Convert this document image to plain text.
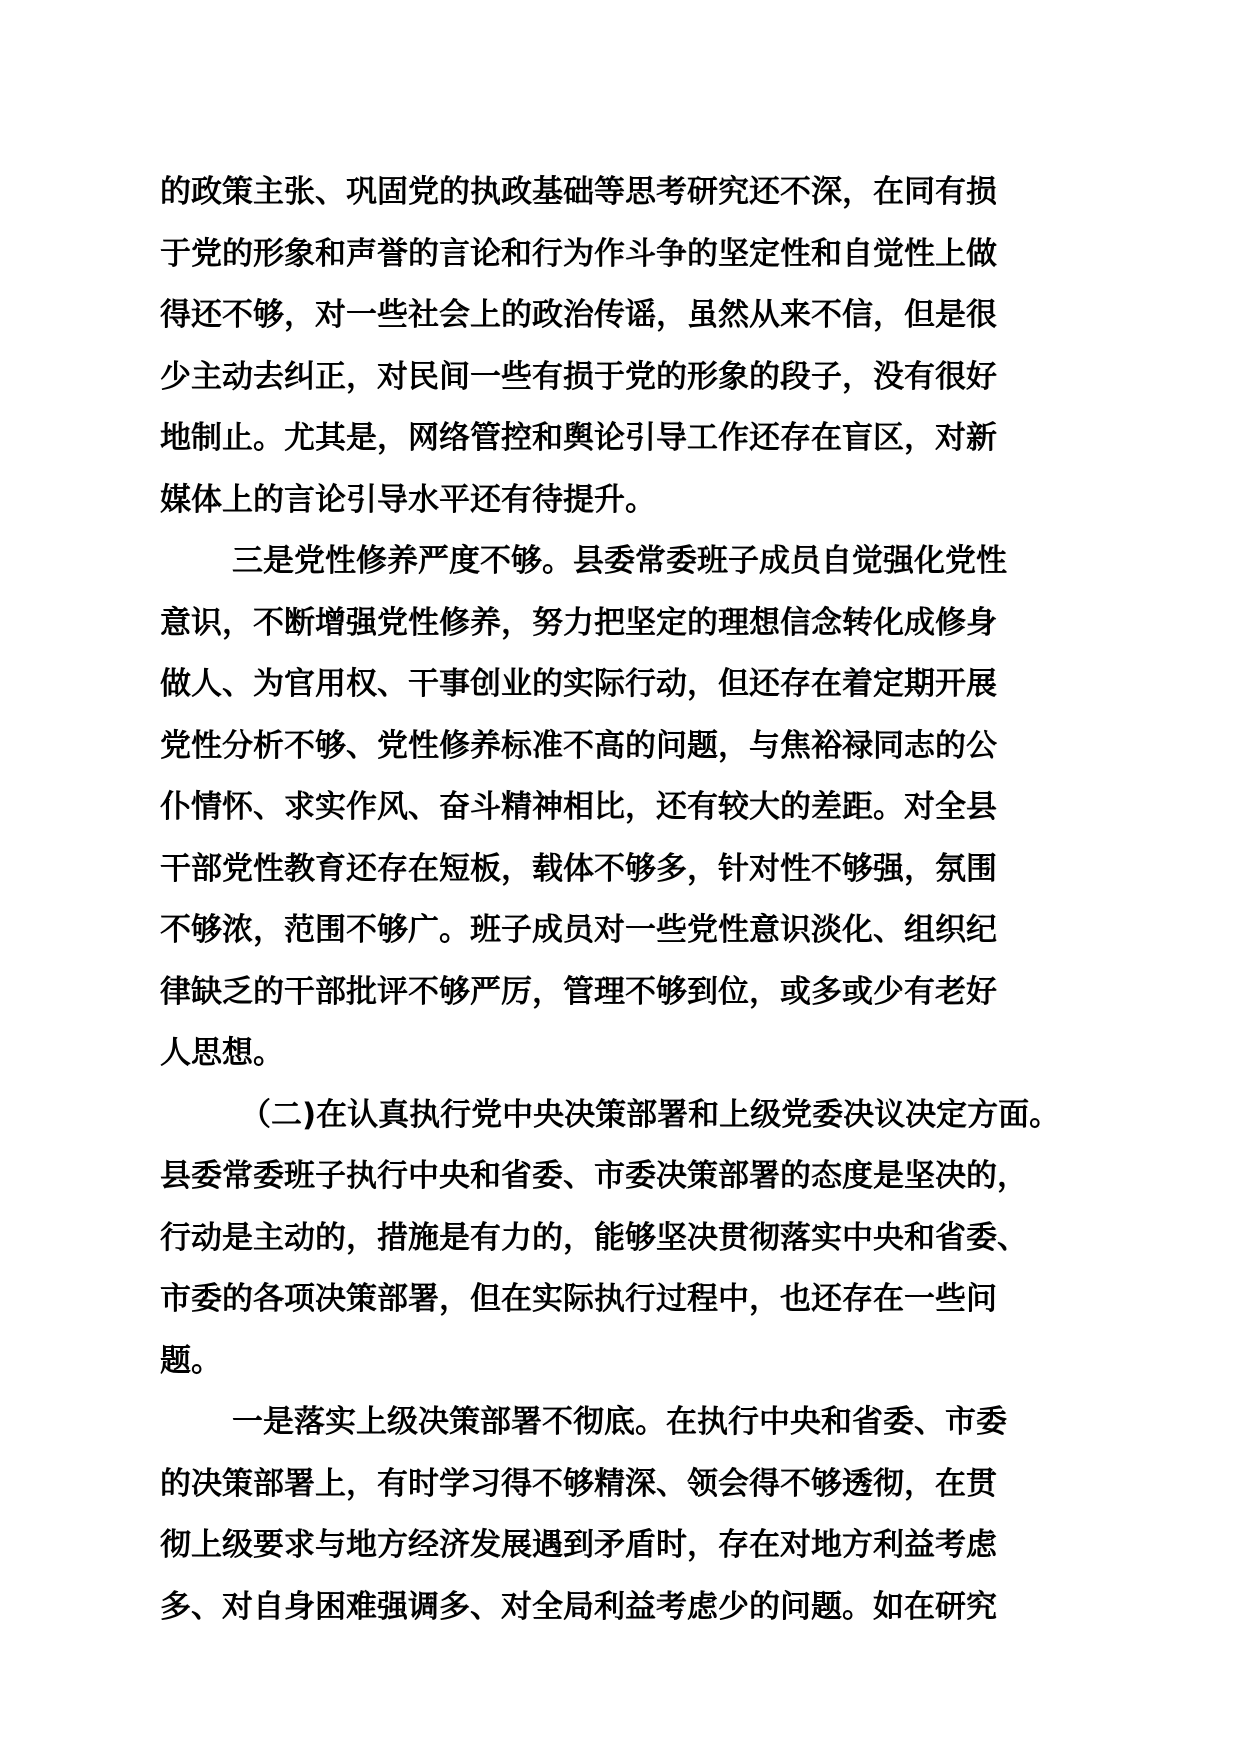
的政策主张、巩固党的执政基础等思考研究还不深，在同有损
于党的形象和声誉的言论和行为作斗争的坚定性和自觉性上做
得还不够，对一些社会上的政治传谣，虽然从来不信，但是很
少主动去纠正，对民间一些有损于党的形象的段子，没有很好
地制止。尤其是，网络管控和舆论引导工作还存在盲区，对新
媒体上的言论引导水平还有待提升。
三是党性修养严度不够。县委常委班子成员自觉强化党性
意识，不断增强党性修养，努力把坚定的理想信念转化成修身
做人、为官用权、干事创业的实际行动，但还存在着定期开展
党性分析不够、党性修养标准不高的问题，与焦裕禄同志的公
仆情怀、求实作风、奋斗精神相比，还有较大的差距。对全县
干部党性教育还存在短板，载体不够多，针对性不够强，氛围
不够浓，范围不够广。班子成员对一些党性意识淡化、组织纪
律缺乏的干部批评不够严厉，管理不够到位，或多或少有老好
人思想。
（二)在认真执行党中央决策部署和上级党委决议决定方面。
县委常委班子执行中央和省委、市委决策部署的态度是坚决的，
行动是主动的，措施是有力的，能够坚决贯彻落实中央和省委、
市委的各项决策部署，但在实际执行过程中，也还存在一些问
题。
一是落实上级决策部署不彻底。在执行中央和省委、市委
的决策部署上，有时学习得不够精深、领会得不够透彻，在贯
彻上级要求与地方经济发展遇到矛盾时，存在对地方利益考虑
多、对自身困难强调多、对全局利益考虑少的问题。如在研究
